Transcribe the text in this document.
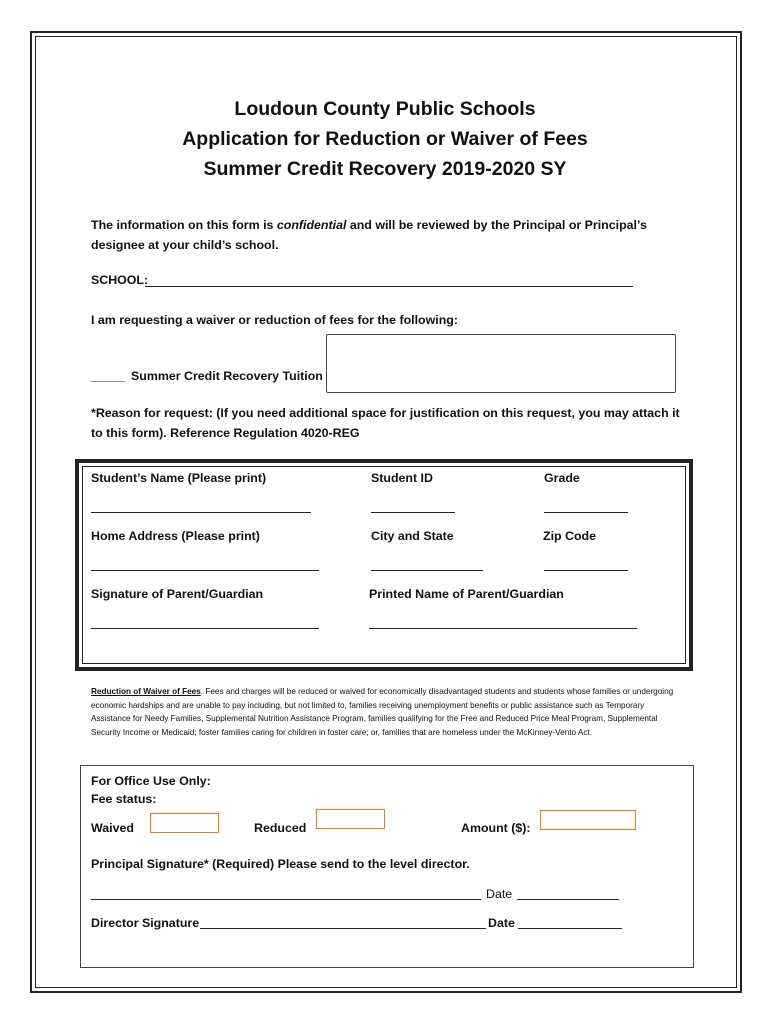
Loudoun County Public Schools
Application for Reduction or Waiver of Fees
Summer Credit Recovery 2019-2020 SY
The information on this form is confidential and will be reviewed by the Principal or Principal’s
designee at your child’s school.
SCHOOL:
I am requesting a waiver or reduction of fees for the following:
_____ Summer Credit Recovery Tuition
*Reason for request: (If you need additional space for justification on this request, you may attach it
to this form). Reference Regulation 4020-REG
Student’s Name (Please print)	Student ID	Grade
Home Address (Please print)	City and State	Zip Code
Signature of Parent/Guardian	Printed Name of Parent/Guardian
Reduction of Waiver of Fees. Fees and charges will be reduced or waived for economically disadvantaged students and students whose families or undergoing economic hardships and are unable to pay including, but not limited to, families receiving unemployment benefits or public assistance such as Temporary Assistance for Needy Families, Supplemental Nutrition Assistance Program, families qualifying for the Free and Reduced Price Meal Program, Supplemental Security Income or Medicaid; foster families caring for children in foster care; or, families that are homeless under the McKinney-Vento Act.
For Office Use Only:
Fee status:
Waived	Reduced	Amount ($):
Principal Signature* (Required) Please send to the level director.
Date
Director Signature	Date
